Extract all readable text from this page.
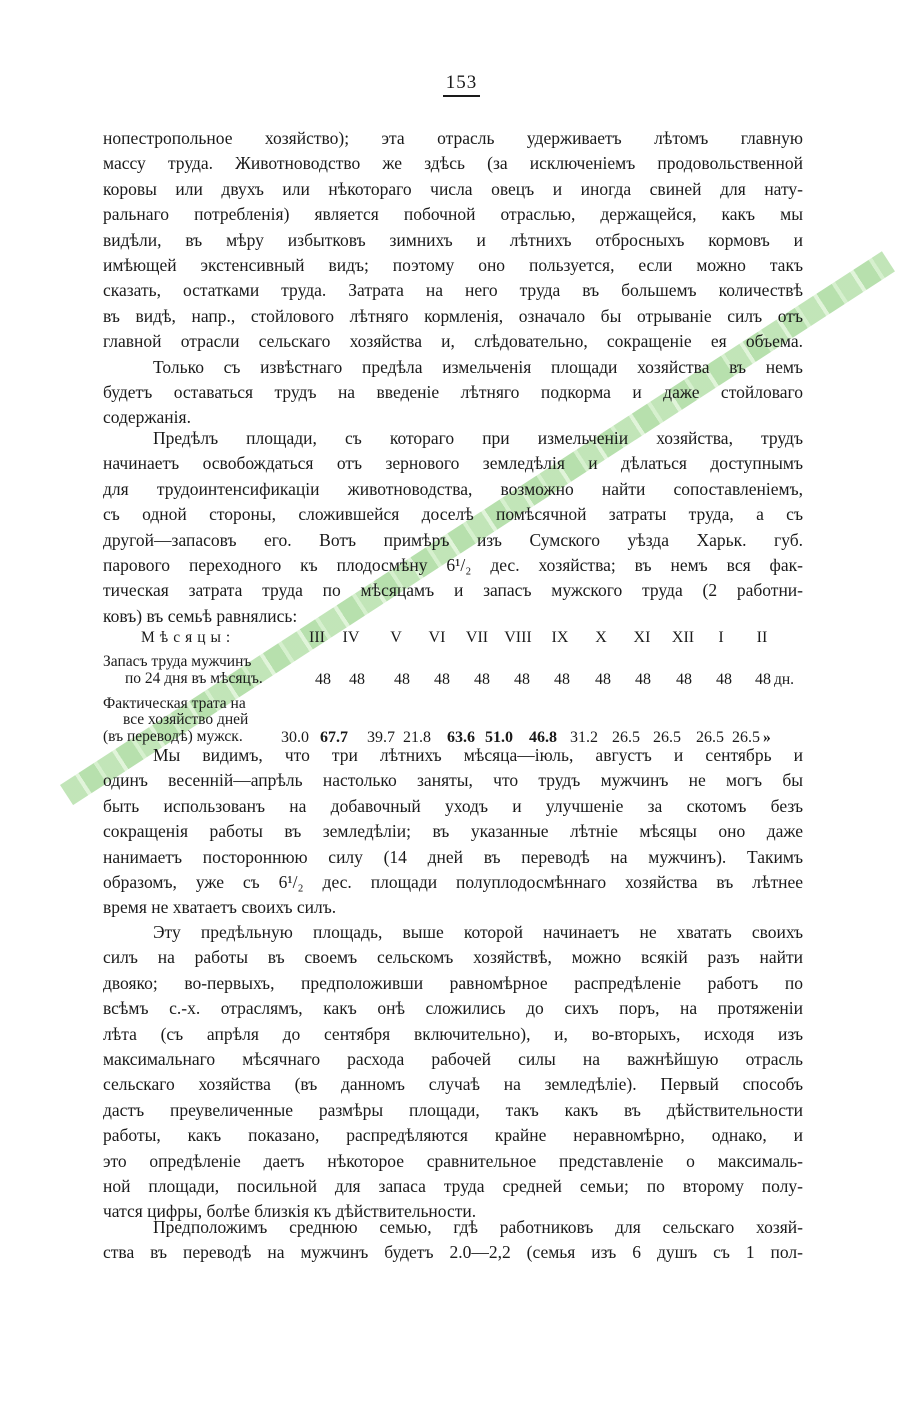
153
нопестропольное хозяйство); эта отрасль удерживаетъ лѣтомъ главную
массу труда. Животноводство же здѣсь (за исключеніемъ продовольственной
коровы или двухъ или нѣкотораго числа овецъ и иногда свиней для нату-
ральнаго потребленія) является побочной отраслью, держащейся, какъ мы
видѣли, въ мѣру избытковъ зимнихъ и лѣтнихъ отбросныхъ кормовъ и
имѣющей экстенсивный видъ; поэтому оно пользуется, если можно такъ
сказать, остатками труда. Затрата на него труда въ большемъ количествѣ
въ видѣ, напр., стойлового лѣтняго кормленія, означало бы отрываніе силъ отъ
главной отрасли сельскаго хозяйства и, слѣдовательно, сокращеніе ея объема.
Только съ извѣстнаго предѣла измельченія площади хозяйства въ немъ
будетъ оставаться трудъ на введеніе лѣтняго подкорма и даже стойловаго
содержанія.
Предѣлъ площади, съ котораго при измельченіи хозяйства, трудъ
начинаетъ освобождаться отъ зернового земледѣлія и дѣлаться доступнымъ
для трудоинтенсификаціи животноводства, возможно найти сопоставленіемъ,
съ одной стороны, сложившейся доселѣ помѣсячной затраты труда, а съ
другой—запасовъ его. Вотъ примѣръ изъ Сумского уѣзда Харьк. губ.
парового переходного къ плодосмѣну 6¹/₂ дес. хозяйства; въ немъ вся фак-
тическая затрата труда по мѣсяцамъ и запасъ мужского труда (2 работни-
ковъ) въ семьѣ равнялись:
Мѣсяцы:	III	IV	V	VI	VII	VIII	IX	X	XI	XII	I	II
Запасъ труда мужчинъ
по 24 дня въ мѣсяцъ.	48	48	48	48	48	48	48	48	48	48	48	48 дн.
Фактическая трата на
все хозяйство дней
(въ переводѣ) мужск.	30.0 67.7	39.7 21.8	63.6 51.0	46.8 31.2 26.5 26.5 26.5 26.5 »
Мы видимъ, что три лѣтнихъ мѣсяца—іюль, августъ и сентябрь и
одинъ весенній—апрѣль настолько заняты, что трудъ мужчинъ не могъ бы
быть использованъ на добавочный уходъ и улучшеніе за скотомъ безъ
сокращенія работы въ земледѣліи; въ указанные лѣтніе мѣсяцы оно даже
нанимаетъ постороннюю силу (14 дней въ переводѣ на мужчинъ). Такимъ
образомъ, уже съ 6¹/₂ дес. площади полуплодосмѣннаго хозяйства въ лѣтнее
время не хватаетъ своихъ силъ.
Эту предѣльную площадь, выше которой начинаетъ не хватать своихъ
силъ на работы въ своемъ сельскомъ хозяйствѣ, можно всякій разъ найти
двояко; во-первыхъ, предположивши равномѣрное распредѣленіе работъ по
всѣмъ с.-х. отраслямъ, какъ онѣ сложились до сихъ поръ, на протяженіи
лѣта (съ апрѣля до сентября включительно), и, во-вторыхъ, исходя изъ
максимальнаго мѣсячнаго расхода рабочей силы на важнѣйшую отрасль
сельскаго хозяйства (въ данномъ случаѣ на земледѣліе). Первый способъ
дастъ преувеличенные размѣры площади, такъ какъ въ дѣйствительности
работы, какъ показано, распредѣляются крайне неравномѣрно, однако, и
это опредѣленіе даетъ нѣкоторое сравнительное представленіе о максималь-
ной площади, посильной для запаса труда средней семьи; по второму полу-
чатся цифры, болѣе близкія къ дѣйствительности.
Предположимъ среднюю семью, гдѣ работниковъ для сельскаго хозяй-
ства въ переводѣ на мужчинъ будетъ 2.0—2,2 (семья изъ 6 душъ съ 1 пол-
